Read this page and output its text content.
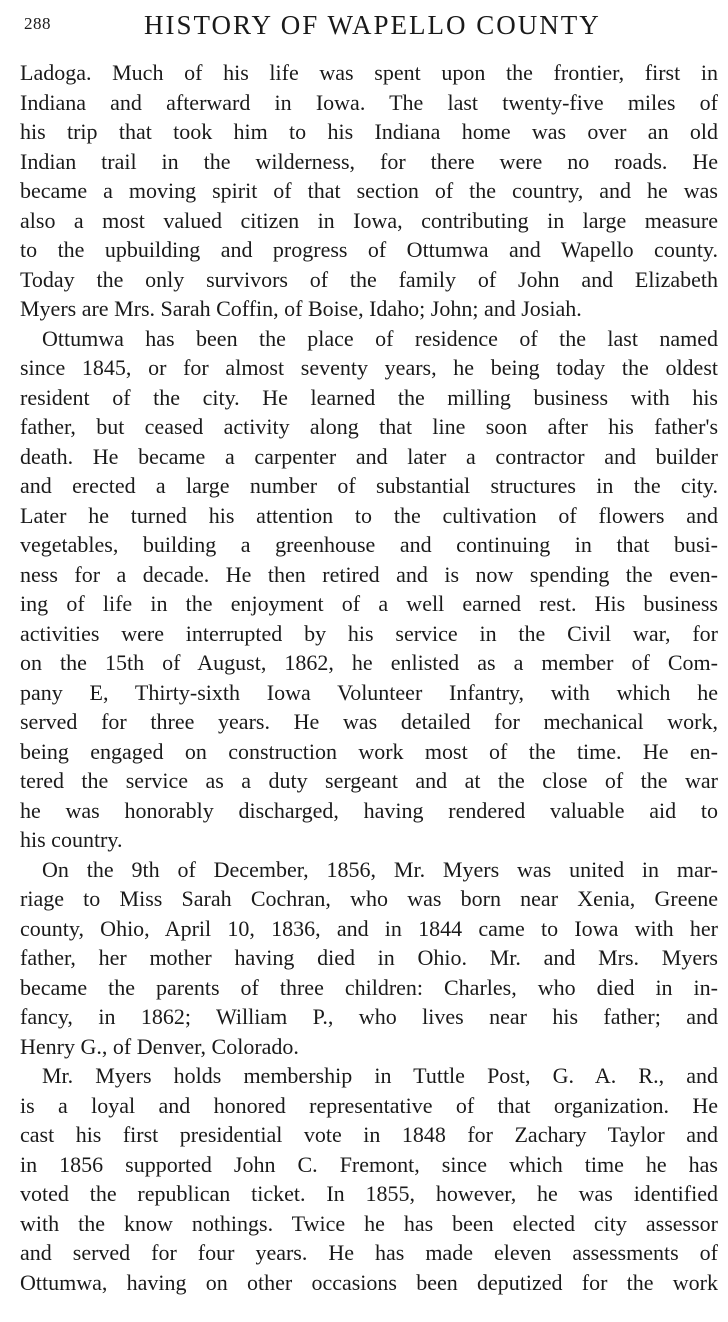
288	HISTORY OF WAPELLO COUNTY
Ladoga. Much of his life was spent upon the frontier, first in
Indiana and afterward in Iowa. The last twenty-five miles of
his trip that took him to his Indiana home was over an old
Indian trail in the wilderness, for there were no roads. He
became a moving spirit of that section of the country, and he was
also a most valued citizen in Iowa, contributing in large measure
to the upbuilding and progress of Ottumwa and Wapello county.
Today the only survivors of the family of John and Elizabeth
Myers are Mrs. Sarah Coffin, of Boise, Idaho; John; and Josiah.
Ottumwa has been the place of residence of the last named
since 1845, or for almost seventy years, he being today the oldest
resident of the city. He learned the milling business with his
father, but ceased activity along that line soon after his father's
death. He became a carpenter and later a contractor and builder
and erected a large number of substantial structures in the city.
Later he turned his attention to the cultivation of flowers and
vegetables, building a greenhouse and continuing in that busi-
ness for a decade. He then retired and is now spending the even-
ing of life in the enjoyment of a well earned rest. His business
activities were interrupted by his service in the Civil war, for
on the 15th of August, 1862, he enlisted as a member of Com-
pany E, Thirty-sixth Iowa Volunteer Infantry, with which he
served for three years. He was detailed for mechanical work,
being engaged on construction work most of the time. He en-
tered the service as a duty sergeant and at the close of the war
he was honorably discharged, having rendered valuable aid to
his country.
On the 9th of December, 1856, Mr. Myers was united in mar-
riage to Miss Sarah Cochran, who was born near Xenia, Greene
county, Ohio, April 10, 1836, and in 1844 came to Iowa with her
father, her mother having died in Ohio. Mr. and Mrs. Myers
became the parents of three children: Charles, who died in in-
fancy, in 1862; William P., who lives near his father; and
Henry G., of Denver, Colorado.
Mr. Myers holds membership in Tuttle Post, G. A. R., and
is a loyal and honored representative of that organization. He
cast his first presidential vote in 1848 for Zachary Taylor and
in 1856 supported John C. Fremont, since which time he has
voted the republican ticket. In 1855, however, he was identified
with the know nothings. Twice he has been elected city assessor
and served for four years. He has made eleven assessments of
Ottumwa, having on other occasions been deputized for the work
